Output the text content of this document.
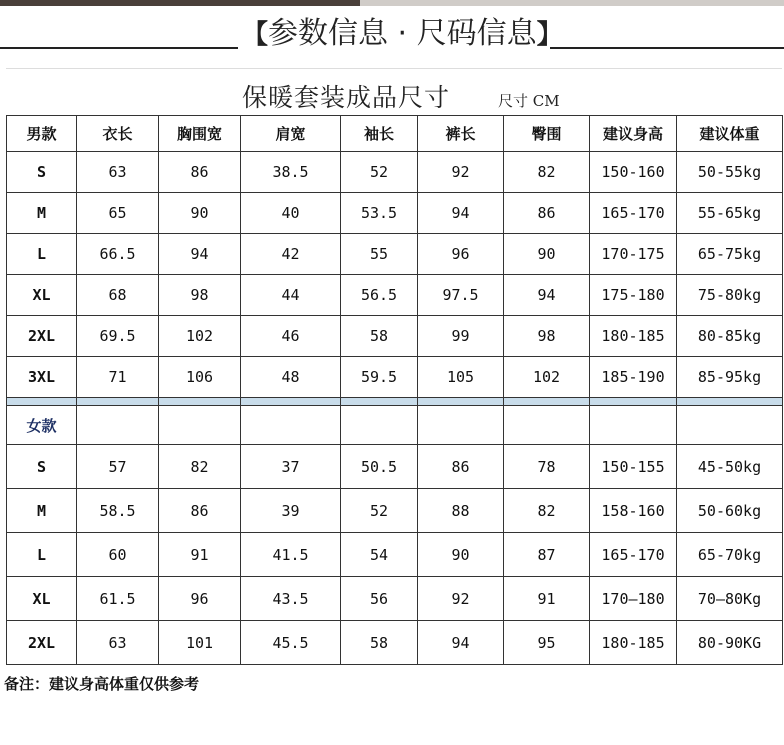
【参数信息 · 尺码信息】
保暖套装成品尺寸	尺寸 CM
男款	衣长	胸围宽	肩宽	袖长	裤长	臀围	建议身高	建议体重
S	63	86	38.5	52	92	82	150-160	50-55kg
M	65	90	40	53.5	94	86	165-170	55-65kg
L	66.5	94	42	55	96	90	170-175	65-75kg
XL	68	98	44	56.5	97.5	94	175-180	75-80kg
2XL	69.5	102	46	58	99	98	180-185	80-85kg
3XL	71	106	48	59.5	105	102	185-190	85-95kg

女款								
S	57	82	37	50.5	86	78	150-155	45-50kg
M	58.5	86	39	52	88	82	158-160	50-60kg
L	60	91	41.5	54	90	87	165-170	65-70kg
XL	61.5	96	43.5	56	92	91	170—180	70—80Kg
2XL	63	101	45.5	58	94	95	180-185	80-90KG

备注：建议身高体重仅供参考
